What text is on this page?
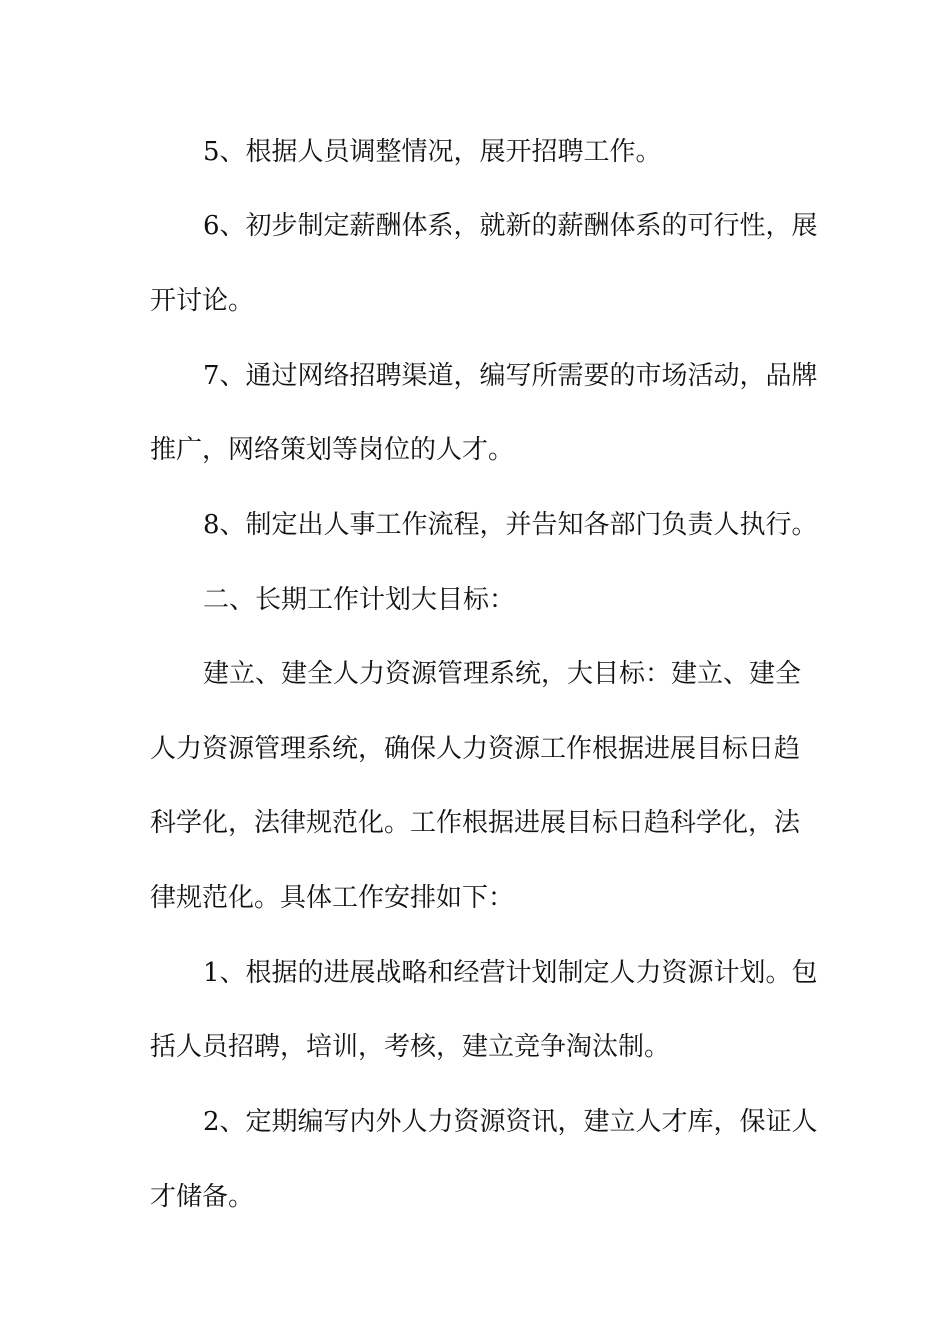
5、根据人员调整情况，展开招聘工作。
6、初步制定薪酬体系，就新的薪酬体系的可行性，展
开讨论。
7、通过网络招聘渠道，编写所需要的市场活动，品牌
推广，网络策划等岗位的人才。
8、制定出人事工作流程，并告知各部门负责人执行。
二、长期工作计划大目标：
建立、建全人力资源管理系统，大目标：建立、建全
人力资源管理系统，确保人力资源工作根据进展目标日趋
科学化，法律规范化。工作根据进展目标日趋科学化，法
律规范化。具体工作安排如下：
1、根据的进展战略和经营计划制定人力资源计划。包
括人员招聘，培训，考核，建立竞争淘汰制。
2、定期编写内外人力资源资讯，建立人才库，保证人
才储备。
